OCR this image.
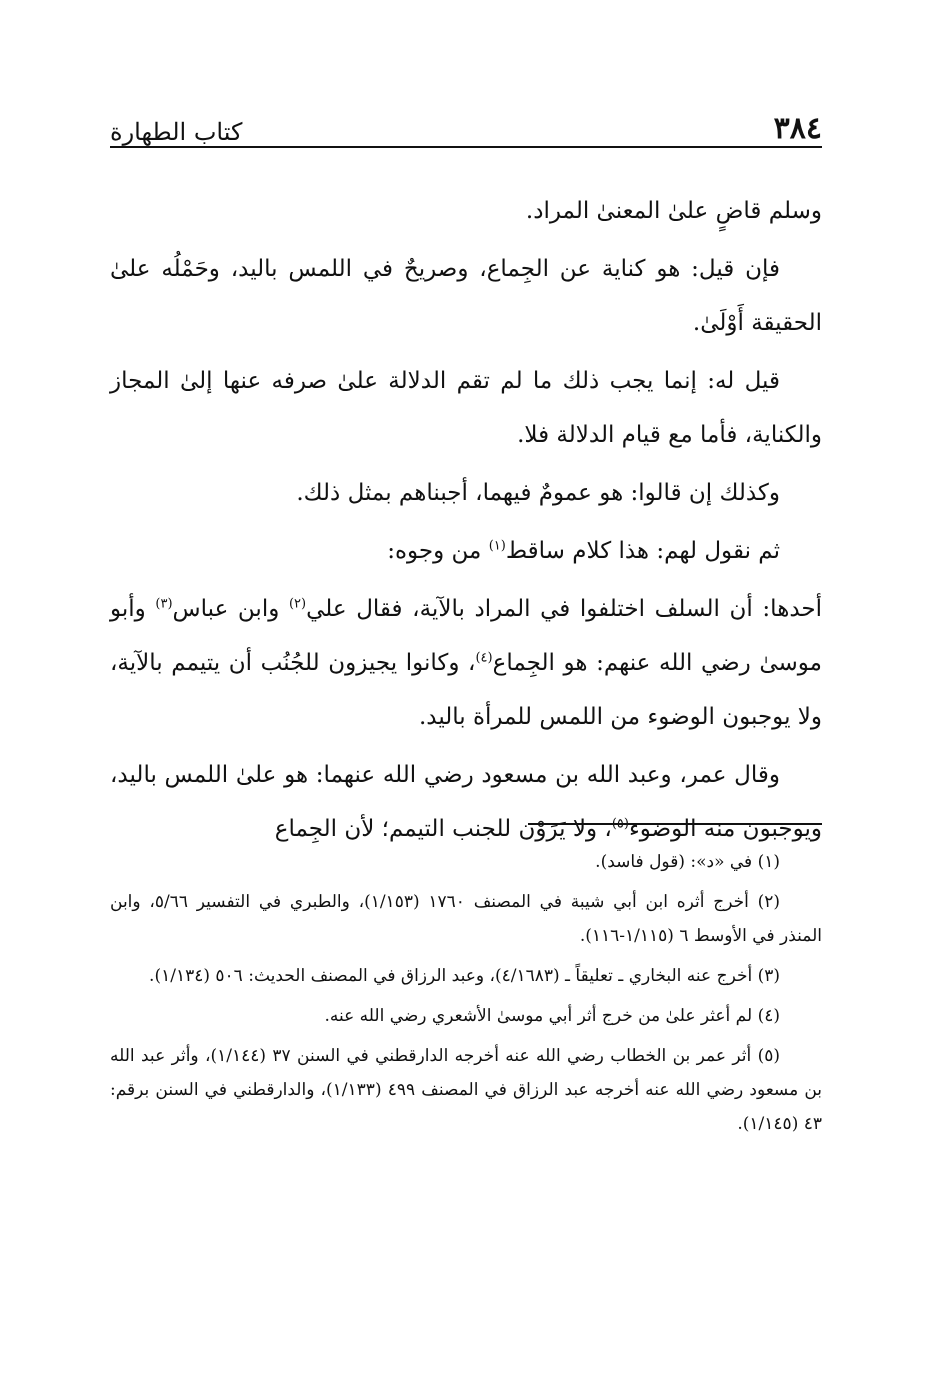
٣٨٤
كتاب الطهارة

وسلم قاضٍ علىٰ المعنىٰ المراد.

فإن قيل: هو كناية عن الجِماع، وصريحٌ في اللمس باليد، وحَمْلُه علىٰ الحقيقة أَوْلَىٰ.

قيل له: إنما يجب ذلك ما لم تقم الدلالة علىٰ صرفه عنها إلىٰ المجاز والكناية، فأما مع قيام الدلالة فلا.

وكذلك إن قالوا: هو عمومٌ فيهما، أجبناهم بمثل ذلك.

ثم نقول لهم: هذا كلام ساقط$^{(١)}$ من وجوه:

أحدها: أن السلف اختلفوا في المراد بالآية، فقال علي$^{(٢)}$ وابن عباس$^{(٣)}$ وأبو موسىٰ رضي الله عنهم: هو الجِماع$^{(٤)}$، وكانوا يجيزون للجُنُب أن يتيمم بالآية، ولا يوجبون الوضوء من اللمس للمرأة باليد.

وقال عمر، وعبد الله بن مسعود رضي الله عنهما: هو علىٰ اللمس باليد، ويوجبون منه الوضوء$^{(٥)}$، ولا يَرَوْن للجنب التيمم؛ لأن الجِماع

(١) في «د»: (قول فاسد).

(٢) أخرج أثره ابن أبي شيبة في المصنف ١٧٦٠ (١/١٥٣)، والطبري في التفسير ٥/٦٦، وابن المنذر في الأوسط ٦ (١/١١٥-١١٦).

(٣) أخرج عنه البخاري ـ تعليقاً ـ (٤/١٦٨٣)، وعبد الرزاق في المصنف الحديث: ٥٠٦ (١/١٣٤).

(٤) لم أعثر علىٰ من خرج أثر أبي موسىٰ الأشعري رضي الله عنه.

(٥) أثر عمر بن الخطاب رضي الله عنه أخرجه الدارقطني في السنن ٣٧ (١/١٤٤)، وأثر عبد الله بن مسعود رضي الله عنه أخرجه عبد الرزاق في المصنف ٤٩٩ (١/١٣٣)، والدارقطني في السنن برقم: ٤٣ (١/١٤٥).
